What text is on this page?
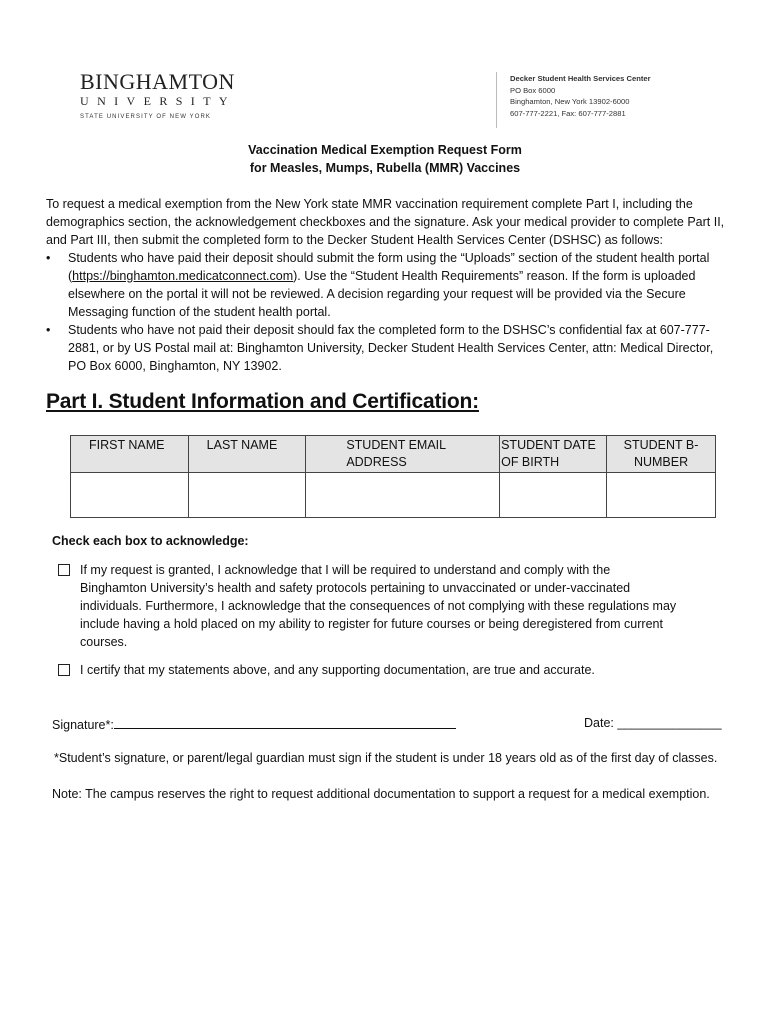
BINGHAMTON
UNIVERSITY
STATE UNIVERSITY OF NEW YORK
Decker Student Health Services Center
PO Box 6000
Binghamton, New York 13902-6000
607-777-2221, Fax: 607-777-2881
Vaccination Medical Exemption Request Form
for Measles, Mumps, Rubella (MMR) Vaccines

To request a medical exemption from the New York state MMR vaccination requirement complete Part I, including the demographics section, the acknowledgement checkboxes and the signature. Ask your medical provider to complete Part II, and Part III, then submit the completed form to the Decker Student Health Services Center (DSHSC) as follows:

• Students who have paid their deposit should submit the form using the “Uploads” section of the student health portal (https://binghamton.medicatconnect.com). Use the “Student Health Requirements” reason. If the form is uploaded elsewhere on the portal it will not be reviewed. A decision regarding your request will be provided via the Secure Messaging function of the student health portal.
• Students who have not paid their deposit should fax the completed form to the DSHSC’s confidential fax at 607-777-2881, or by US Postal mail at: Binghamton University, Decker Student Health Services Center, attn: Medical Director, PO Box 6000, Binghamton, NY 13902.
Part I. Student Information and Certification:
FIRST NAME	LAST NAME	STUDENT EMAIL ADDRESS	STUDENT DATE OF BIRTH	STUDENT B-NUMBER

Check each box to acknowledge:
If my request is granted, I acknowledge that I will be required to understand and comply with the Binghamton University’s health and safety protocols pertaining to unvaccinated or under-vaccinated individuals. Furthermore, I acknowledge that the consequences of not complying with these regulations may include having a hold placed on my ability to register for future courses or being deregistered from current courses.
I certify that my statements above, and any supporting documentation, are true and accurate.
Signature*:	Date: _______________
*Student’s signature, or parent/legal guardian must sign if the student is under 18 years old as of the first day of classes.
Note: The campus reserves the right to request additional documentation to support a request for a medical exemption.
